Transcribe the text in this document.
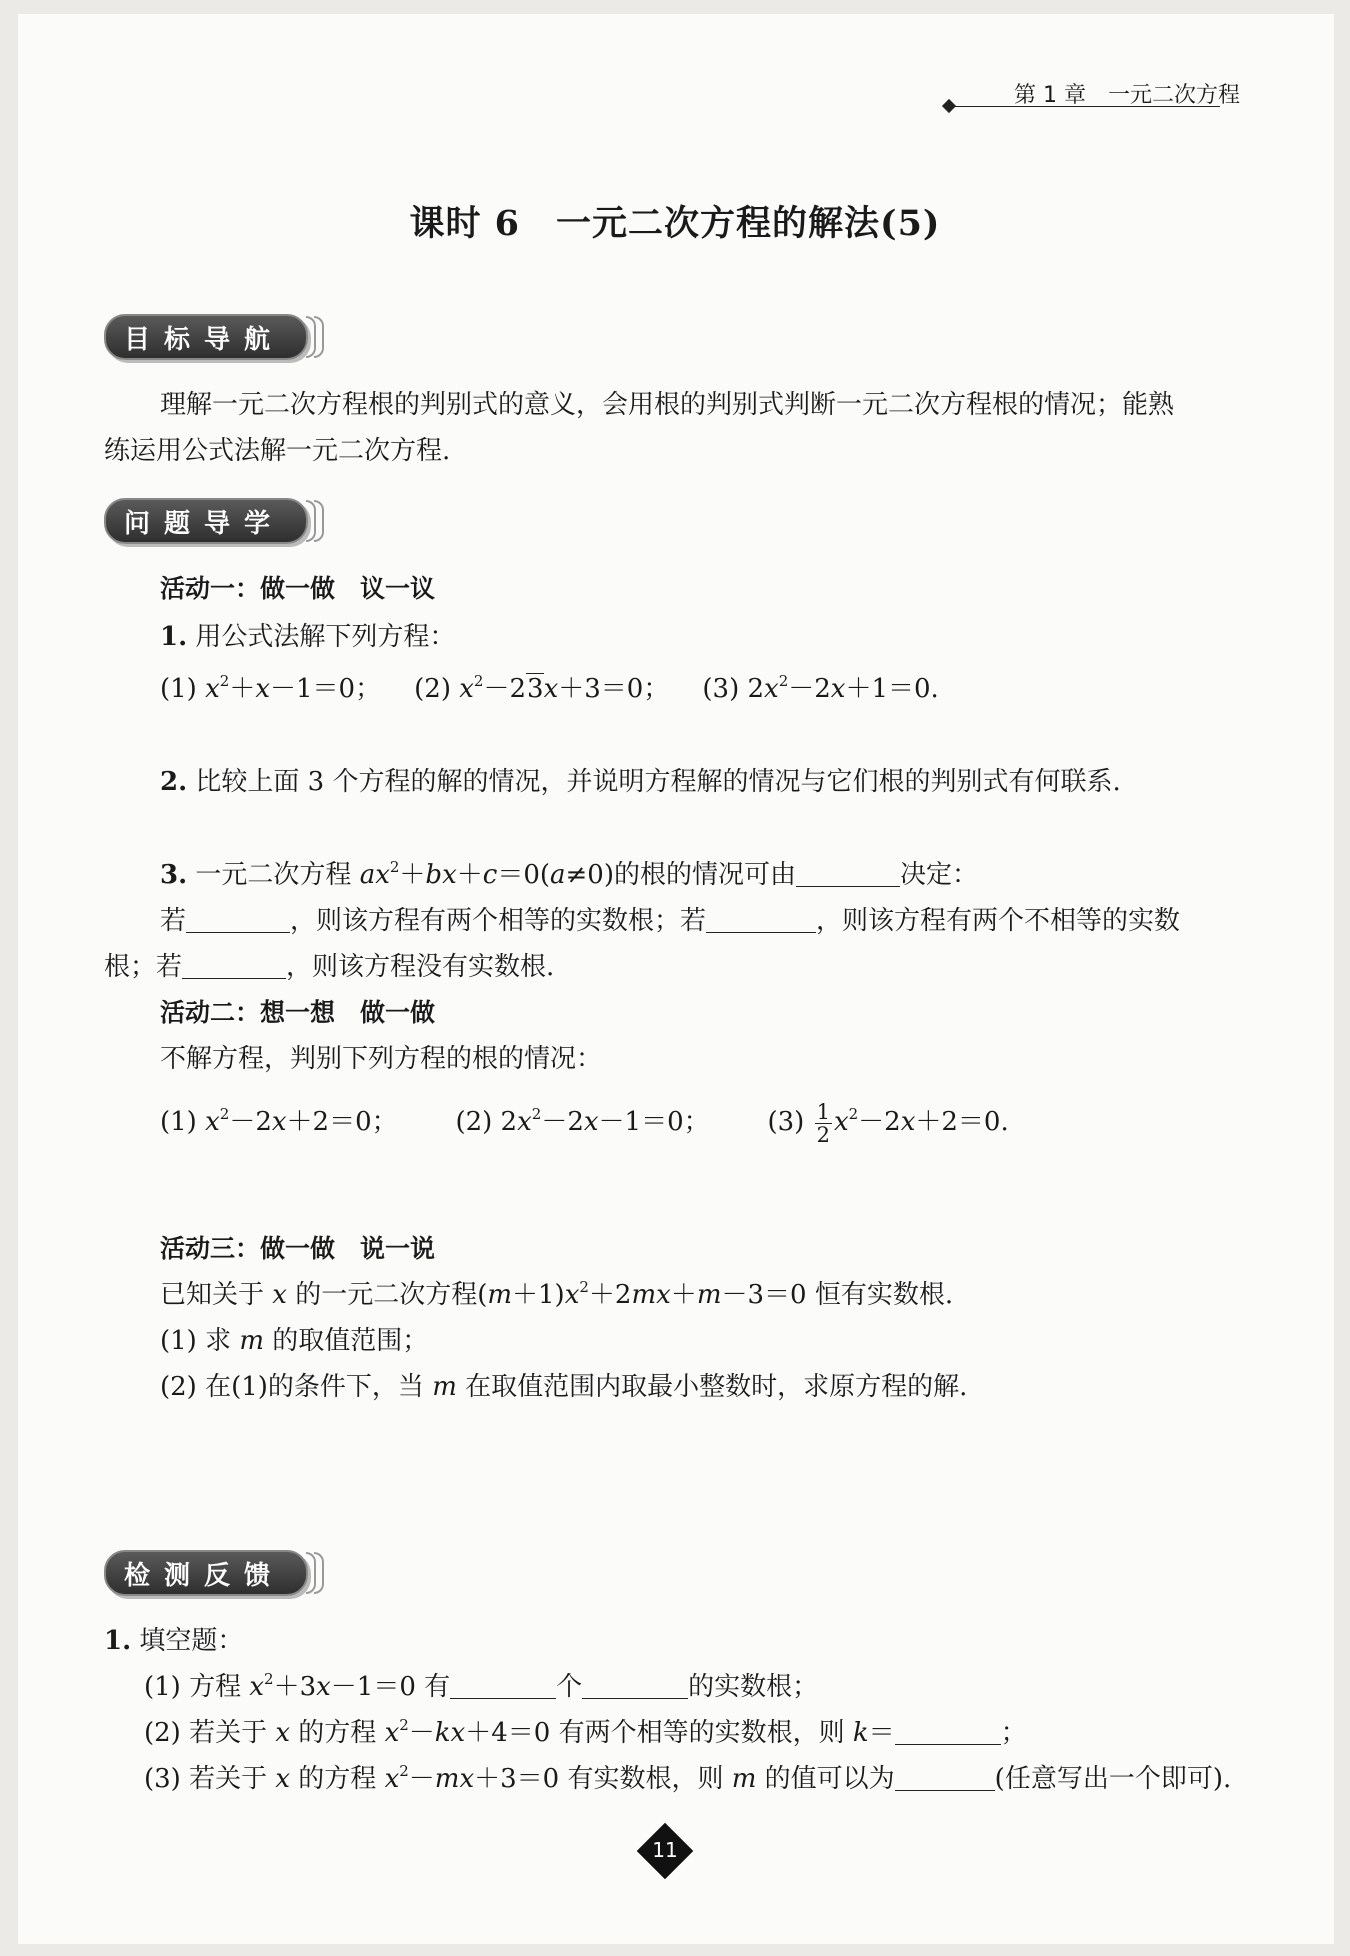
第 1 章　一元二次方程
课时 6　一元二次方程的解法(5)
目标导航
理解一元二次方程根的判别式的意义，会用根的判别式判断一元二次方程根的情况；能熟
练运用公式法解一元二次方程.
问题导学
活动一：做一做　议一议
1. 用公式法解下列方程：
(1) $x^2+x-1=0$；    (2) $x^2-23x+3=0$；    (3) $2x^2-2x+1=0$.
2. 比较上面 3 个方程的解的情况，并说明方程解的情况与它们根的判别式有何联系.
3. 一元二次方程 $ax^2+bx+c=0(a\ne 0)$的根的情况可由	决定：
若	，则该方程有两个相等的实数根；若	，则该方程有两个不相等的实数
根；若	，则该方程没有实数根.
活动二：想一想　做一做
不解方程，判别下列方程的根的情况：
(1) $x^2-2x+2=0$；       (2) $2x^2-2x-1=0$；       $(3) \frac{1}{2} x^2-2x+2=0$.
活动三：做一做　说一说
已知关于 x 的一元二次方程$(m+1)x^2+2mx+m-3=0$ 恒有实数根.
(1) 求 m 的取值范围；
(2) 在(1)的条件下，当 m 在取值范围内取最小整数时，求原方程的解.
检测反馈
1. 填空题：
(1) 方程 $x^2+3x-1=0$ 有	个	的实数根；
(2) 若关于 x 的方程 $x^2-kx+4=0$ 有两个相等的实数根，则 k＝	；
(3) 若关于 x 的方程 $x^2-mx+3=0$ 有实数根，则 m 的值可以为	(任意写出一个即可).
11
